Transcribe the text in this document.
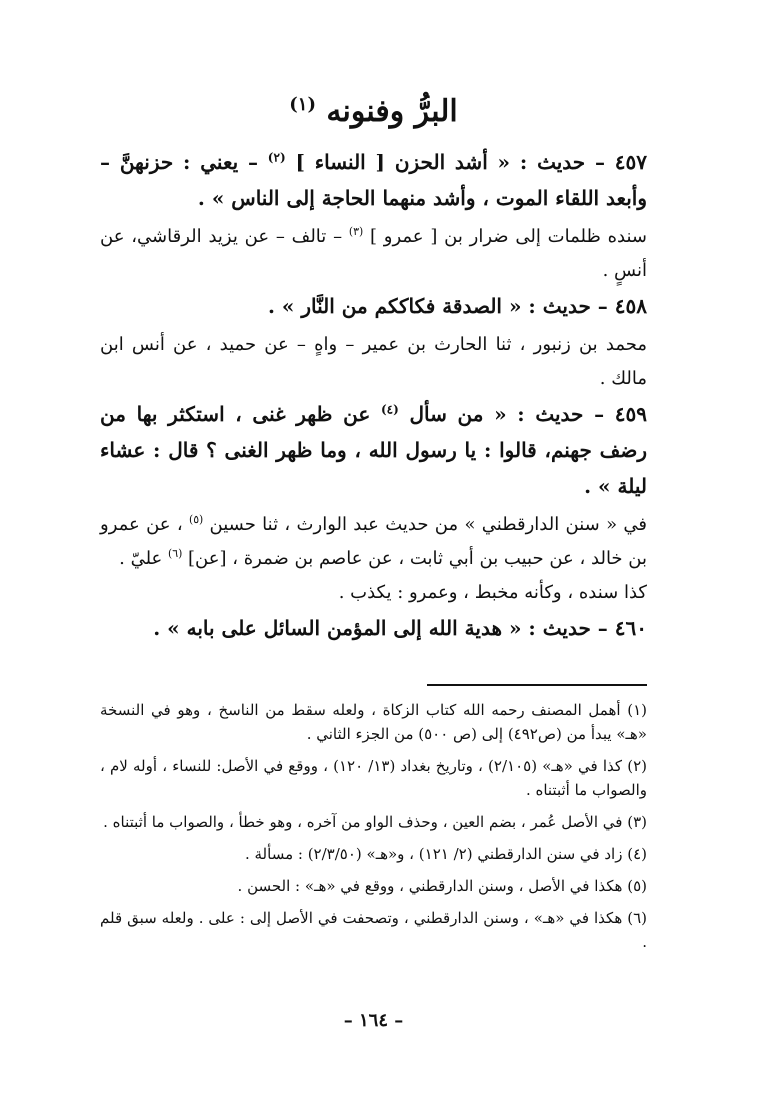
البرُّ وفنونه $^{(١)}$
٤٥٧ – حديث : « أشد الحزن [ النساء ] $^{(٢)}$ – يعني : حزنهنَّ – وأبعد اللقاء الموت ، وأشد منهما الحاجة إلى الناس » .
سنده ظلمات إلى ضرار بن [ عمرو ] $^{(٣)}$ – تالف – عن يزيد الرقاشي، عن أنسٍ .
٤٥٨ – حديث : « الصدقة فكاككم من النَّار » .
محمد بن زنبور ، ثنا الحارث بن عمير – واهٍ – عن حميد ، عن أنس ابن مالك .
٤٥٩ – حديث : « من سأل $^{(٤)}$ عن ظهر غنى ، استكثر بها من رضف جهنم، قالوا : يا رسول الله ، وما ظهر الغنى ؟ قال : عشاء ليلة » .
في « سنن الدارقطني » من حديث عبد الوارث ، ثنا حسين $^{(٥)}$ ، عن عمرو بن خالد ، عن حبيب بن أبي ثابت ، عن عاصم بن ضمرة ، [عن] $^{(٦)}$ عليّ .
كذا سنده ، وكأنه مخبط ، وعمرو : يكذب .
٤٦٠ – حديث : « هدية الله إلى المؤمن السائل على بابه » .
(١) أهمل المصنف رحمه الله كتاب الزكاة ، ولعله سقط من الناسخ ، وهو في النسخة «هـ» يبدأ من (ص٤٩٢) إلى (ص ٥٠٠) من الجزء الثاني .
(٢) كذا في «هـ» (٢/١٠٥) ، وتاريخ بغداد (١٣/ ١٢٠) ، ووقع في الأصل: للنساء ، أوله لام ، والصواب ما أثبتناه .
(٣) في الأصل عُمر ، بضم العين ، وحذف الواو من آخره ، وهو خطأ ، والصواب ما أثبتناه .
(٤) زاد في سنن الدارقطني (٢/ ١٢١) ، و«هـ» (٢/٣/٥٠) : مسألة .
(٥) هكذا في الأصل ، وسنن الدارقطني ، ووقع في «هـ» : الحسن .
(٦) هكذا في «هـ» ، وسنن الدارقطني ، وتصحفت في الأصل إلى : على . ولعله سبق قلم .
– ١٦٤ –
